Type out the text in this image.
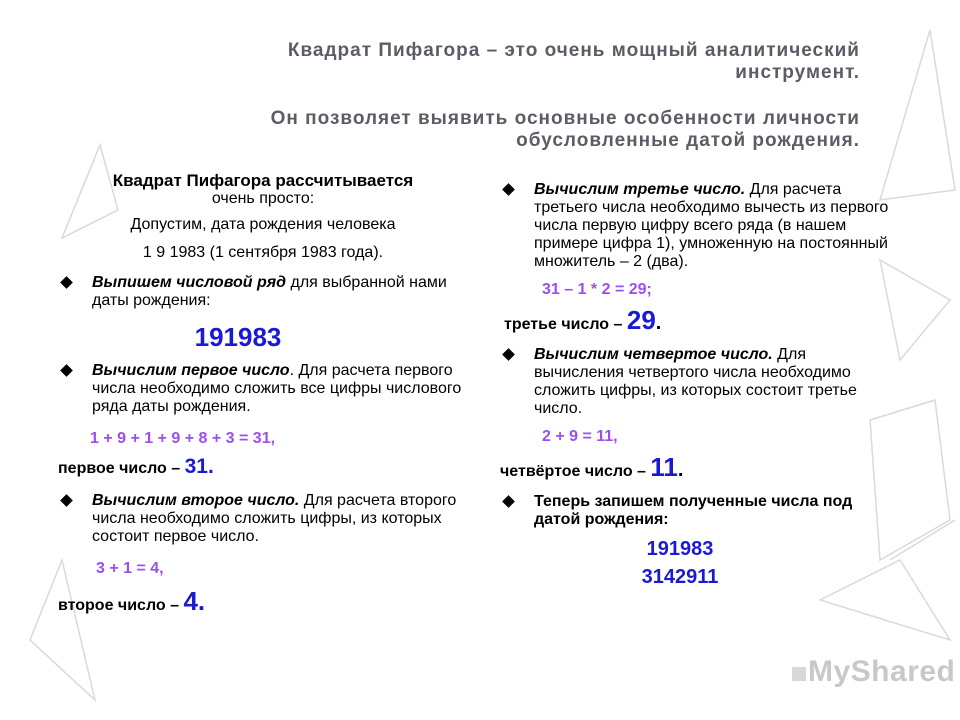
Квадрат Пифагора – это очень мощный аналитический

инструмент.

Он позволяет выявить основные особенности личности

обусловленные датой рождения.

Квадрат Пифагора рассчитывается
очень просто:
Допустим, дата рождения человека
1 9 1983 (1 сентября 1983 года).
Выпишем числовой ряд для выбранной нами даты рождения:
191983
Вычислим первое число. Для расчета первого числа необходимо сложить все цифры числового ряда даты рождения.
1 + 9 + 1 + 9 + 8 + 3 = 31,
первое число – 31.
Вычислим второе число. Для расчета второго числа необходимо сложить цифры, из которых состоит первое число.
3 + 1 = 4,
второе число – 4.
Вычислим третье число. Для расчета третьего числа необходимо вычесть из первого числа первую цифру всего ряда (в нашем примере цифра 1), умноженную на постоянный множитель – 2 (два).
31 – 1 * 2 = 29;
третье число – 29.
Вычислим четвертое число. Для вычисления четвертого числа необходимо сложить цифры, из которых состоит третье число.
2 + 9 = 11,
четвёртое число – 11.
Теперь запишем полученные числа под датой рождения:
191983
3142911
MyShared
